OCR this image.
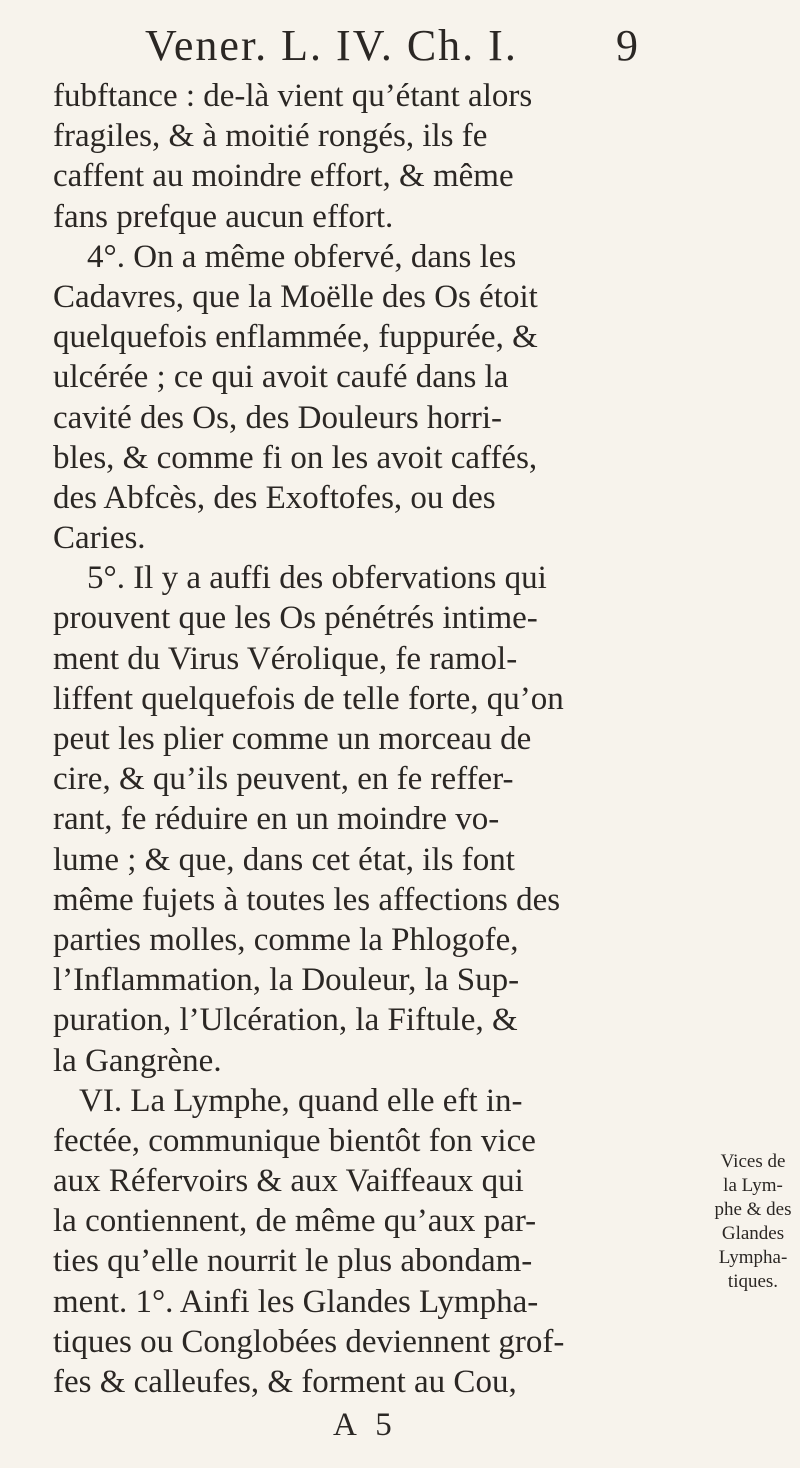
Vener. L. IV. Ch. I. 9
fubftance : de-là vient qu’étant alors
fragiles, & à moitié rongés, ils fe
caffent au moindre effort, & même
fans prefque aucun effort.
4°. On a même obfervé, dans les
Cadavres, que la Moëlle des Os étoit
quelquefois enflammée, fuppurée, &
ulcérée ; ce qui avoit caufé dans la
cavité des Os, des Douleurs horri-
bles, & comme fi on les avoit caffés,
des Abfcès, des Exoftofes, ou des
Caries.
5°. Il y a auffi des obfervations qui
prouvent que les Os pénétrés intime-
ment du Virus Vérolique, fe ramol-
liffent quelquefois de telle forte, qu’on
peut les plier comme un morceau de
cire, & qu’ils peuvent, en fe reffer-
rant, fe réduire en un moindre vo-
lume ; & que, dans cet état, ils font
même fujets à toutes les affections des
parties molles, comme la Phlogofe,
l’Inflammation, la Douleur, la Sup-
puration, l’Ulcération, la Fiftule, &
la Gangrène.
VI. La Lymphe, quand elle eft in-
fectée, communique bientôt fon vice
aux Réfervoirs & aux Vaiffeaux qui
la contiennent, de même qu’aux par-
ties qu’elle nourrit le plus abondam-
ment. 1°. Ainfi les Glandes Lympha-
tiques ou Conglobées deviennent grof-
fes & calleufes, & forment au Cou,
Vices de
la Lym-
phe & des
Glandes
Lympha-
tiques.
A 5
